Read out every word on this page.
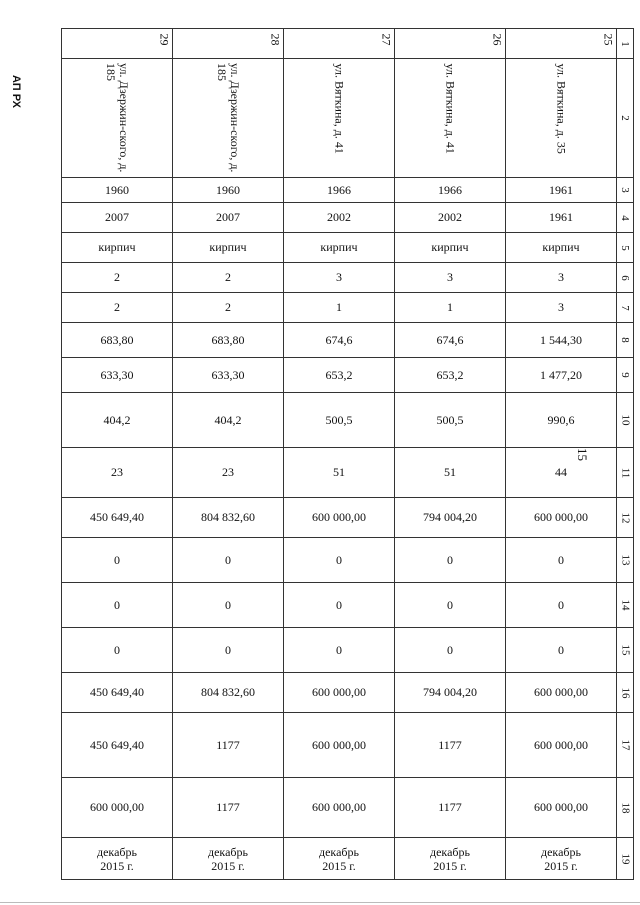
АП РХ
15
29	28	27	26	25	1

ул. Дзержин-ского, д. 185	ул. Дзержин-ского, д. 185	ул. Вяткина, д. 41	ул. Вяткина, д. 41	ул. Вяткина, д. 35	2
1960	1960	1966	1966	1961	3
2007	2007	2002	2002	1961	4
кирпич	кирпич	кирпич	кирпич	кирпич	5
2	2	3	3	3	6
2	2	1	1	3	7
683,80	683,80	674,6	674,6	1 544,30	8
633,30	633,30	653,2	653,2	1 477,20	9
404,2	404,2	500,5	500,5	990,6	10
23	23	51	51	44	11
450 649,40	804 832,60	600 000,00	794 004,20	600 000,00	12
0	0	0	0	0	13
0	0	0	0	0	14
0	0	0	0	0	15
450 649,40	804 832,60	600 000,00	794 004,20	600 000,00	16
450 649,40	1177	600 000,00	1177	600 000,00	17
600 000,00	1177	600 000,00	1177	600 000,00	18

декабрь 2015 г.	декабрь 2015 г.	декабрь 2015 г.	декабрь 2015 г.	декабрь 2015 г.	19
